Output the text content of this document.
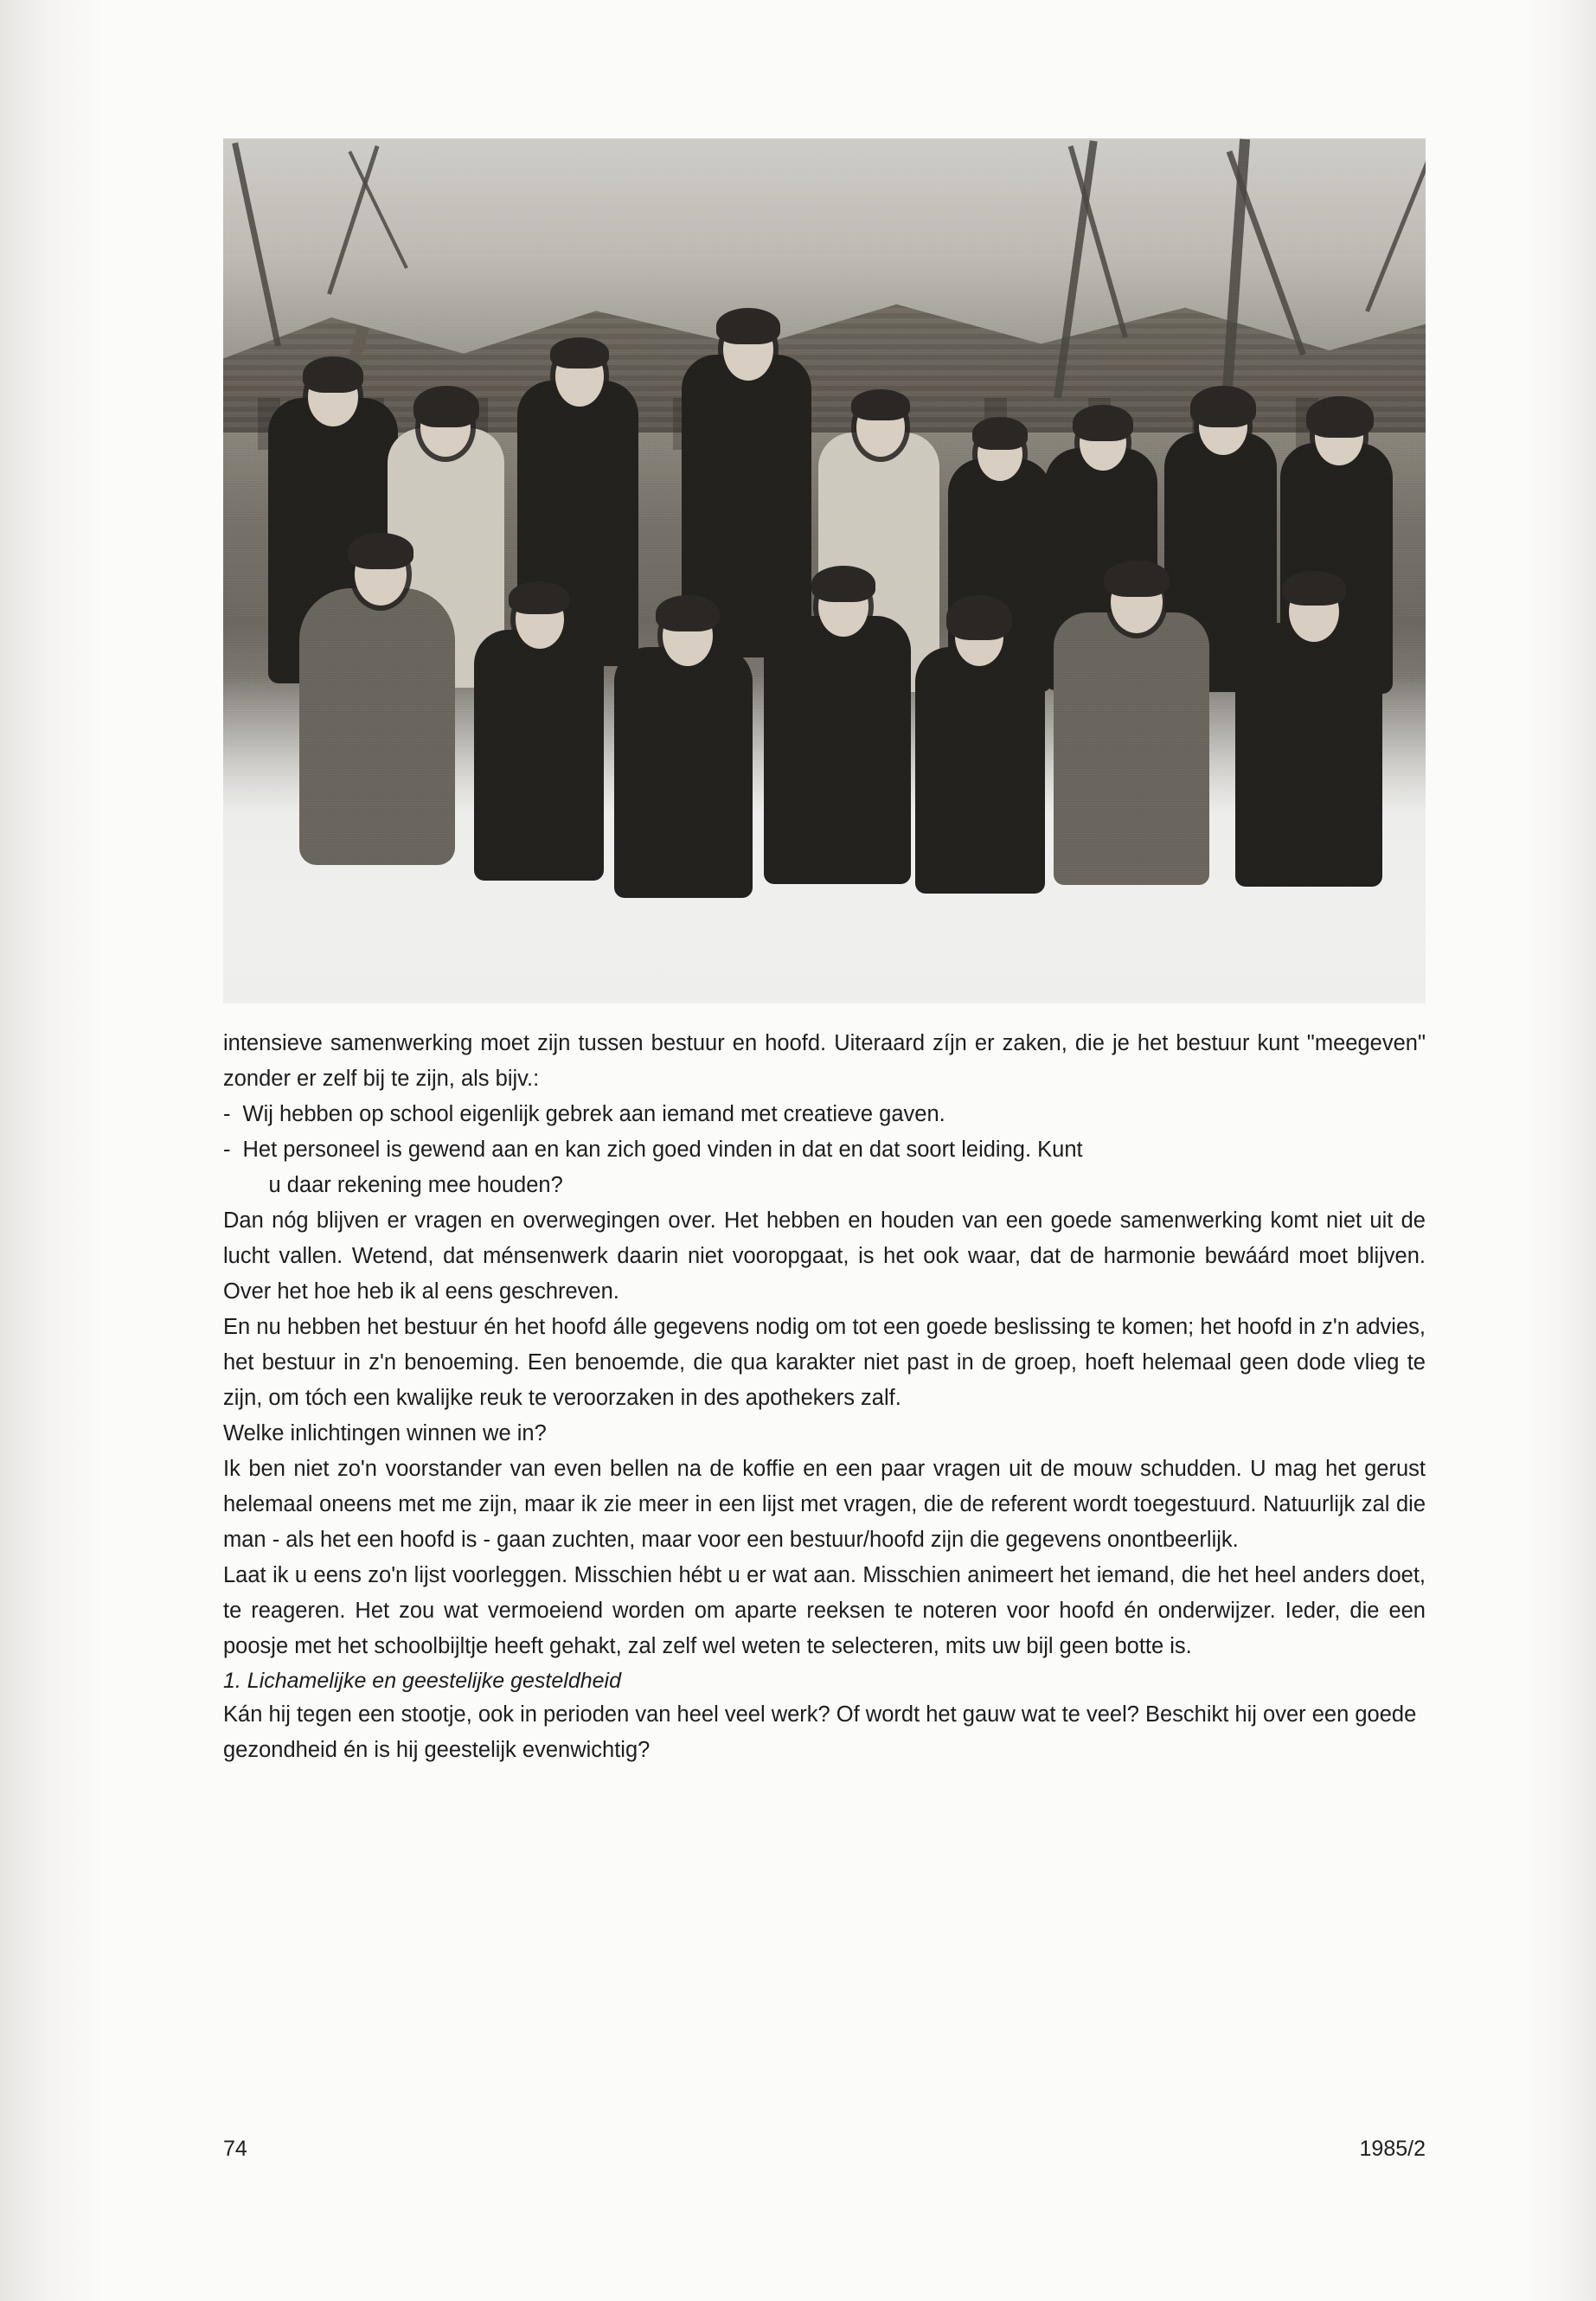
intensieve samenwerking moet zijn tussen bestuur en hoofd. Uiteraard zíjn er zaken, die je het bestuur kunt "meegeven" zonder er zelf bij te zijn, als bijv.:

- Wij hebben op school eigenlijk gebrek aan iemand met creatieve gaven.
- Het personeel is gewend aan en kan zich goed vinden in dat en dat soort leiding. Kunt
u daar rekening mee houden?

Dan nóg blijven er vragen en overwegingen over. Het hebben en houden van een goede samenwerking komt niet uit de lucht vallen. Wetend, dat ménsenwerk daarin niet vooropgaat, is het ook waar, dat de harmonie bewáárd moet blijven. Over het hoe heb ik al eens geschreven.

En nu hebben het bestuur én het hoofd álle gegevens nodig om tot een goede beslissing te komen; het hoofd in z'n advies, het bestuur in z'n benoeming. Een benoemde, die qua karakter niet past in de groep, hoeft helemaal geen dode vlieg te zijn, om tóch een kwalijke reuk te veroorzaken in des apothekers zalf.

Welke inlichtingen winnen we in?

Ik ben niet zo'n voorstander van even bellen na de koffie en een paar vragen uit de mouw schudden. U mag het gerust helemaal oneens met me zijn, maar ik zie meer in een lijst met vragen, die de referent wordt toegestuurd. Natuurlijk zal die man - als het een hoofd is - gaan zuchten, maar voor een bestuur/hoofd zijn die gegevens onontbeerlijk.

Laat ik u eens zo'n lijst voorleggen. Misschien hébt u er wat aan. Misschien animeert het iemand, die het heel anders doet, te reageren. Het zou wat vermoeiend worden om aparte reeksen te noteren voor hoofd én onderwijzer. Ieder, die een poosje met het schoolbijltje heeft gehakt, zal zelf wel weten te selecteren, mits uw bijl geen botte is.

1. Lichamelijke en geestelijke gesteldheid

Kán hij tegen een stootje, ook in perioden van heel veel werk? Of wordt het gauw wat te veel? Beschikt hij over een goede gezondheid én is hij geestelijk evenwichtig?

74	1985/2
